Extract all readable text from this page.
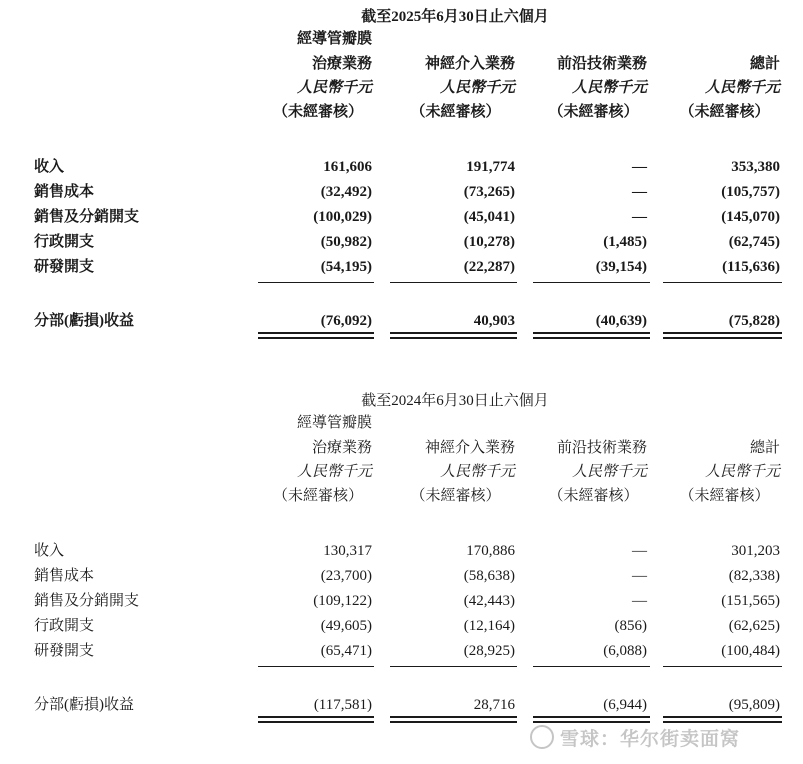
截至2025年6月30日止六個月
經導管瓣膜
治療業務
人民幣千元
（未經審核）
神經介入業務
人民幣千元
（未經審核）
前沿技術業務
人民幣千元
（未經審核）
總計
人民幣千元
（未經審核）
收入	161,606	191,774	—	353,380
銷售成本	(32,492)	(73,265)	—	(105,757)
銷售及分銷開支	(100,029)	(45,041)	—	(145,070)
行政開支	(50,982)	(10,278)	(1,485)	(62,745)
研發開支	(54,195)	(22,287)	(39,154)	(115,636)
分部(虧損)收益	(76,092)	40,903	(40,639)	(75,828)
截至2024年6月30日止六個月
經導管瓣膜
治療業務
人民幣千元
（未經審核）
神經介入業務
人民幣千元
（未經審核）
前沿技術業務
人民幣千元
（未經審核）
總計
人民幣千元
（未經審核）
收入	130,317	170,886	—	301,203
銷售成本	(23,700)	(58,638)	—	(82,338)
銷售及分銷開支	(109,122)	(42,443)	—	(151,565)
行政開支	(49,605)	(12,164)	(856)	(62,625)
研發開支	(65,471)	(28,925)	(6,088)	(100,484)
分部(虧損)收益	(117,581)	28,716	(6,944)	(95,809)
雪球：华尔街卖面窝
